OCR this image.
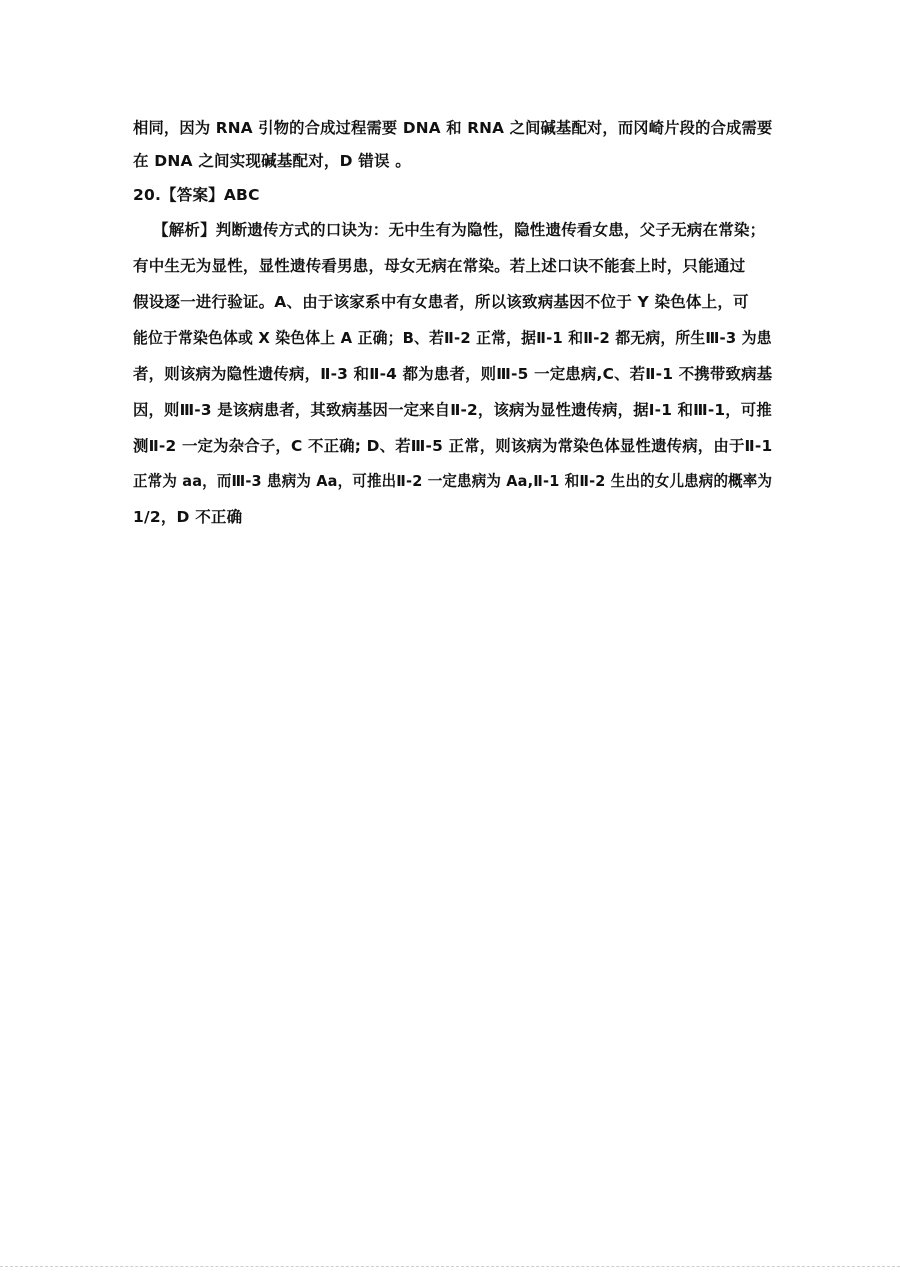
相同，因为 RNA 引物的合成过程需要 DNA 和 RNA 之间碱基配对，而冈崎片段的合成需要
在 DNA 之间实现碱基配对，D 错误 。
20.【答案】ABC
【解析】判断遗传方式的口诀为：无中生有为隐性，隐性遗传看女患，父子无病在常染；
有中生无为显性，显性遗传看男患，母女无病在常染。若上述口诀不能套上时，只能通过
假设逐一进行验证。A、由于该家系中有女患者，所以该致病基因不位于 Y 染色体上，可
能位于常染色体或 X 染色体上 A 正确；B、若Ⅱ-2 正常，据Ⅱ-1 和Ⅱ-2 都无病，所生Ⅲ-3 为患
者，则该病为隐性遗传病，Ⅱ-3 和Ⅱ-4 都为患者，则Ⅲ-5 一定患病,C、若Ⅱ-1 不携带致病基
因，则Ⅲ-3 是该病患者，其致病基因一定来自Ⅱ-2，该病为显性遗传病，据Ⅰ-1 和Ⅲ-1，可推
测Ⅱ-2 一定为杂合子，C 不正确; D、若Ⅲ-5 正常，则该病为常染色体显性遗传病，由于Ⅱ-1
正常为 aa，而Ⅲ-3 患病为 Aa，可推出Ⅱ-2 一定患病为 Aa,Ⅱ-1 和Ⅱ-2 生出的女儿患病的概率为
1/2，D 不正确
